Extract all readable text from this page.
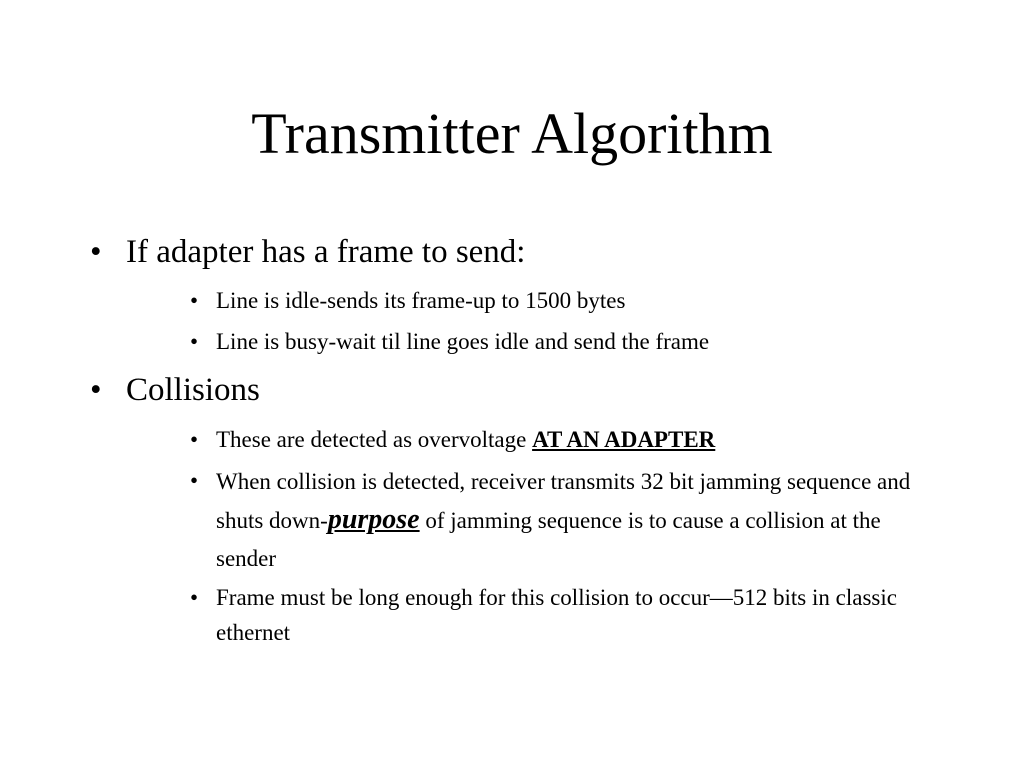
Transmitter Algorithm
• If adapter has a frame to send:
• Line is idle-sends its frame-up to 1500 bytes
• Line is busy-wait til line goes idle and send the frame
• Collisions
• These are detected as overvoltage AT AN ADAPTER
• When collision is detected, receiver transmits 32 bit jamming sequence and shuts down-purpose of jamming sequence is to cause a collision at the sender
• Frame must be long enough for this collision to occur—512 bits in classic ethernet
